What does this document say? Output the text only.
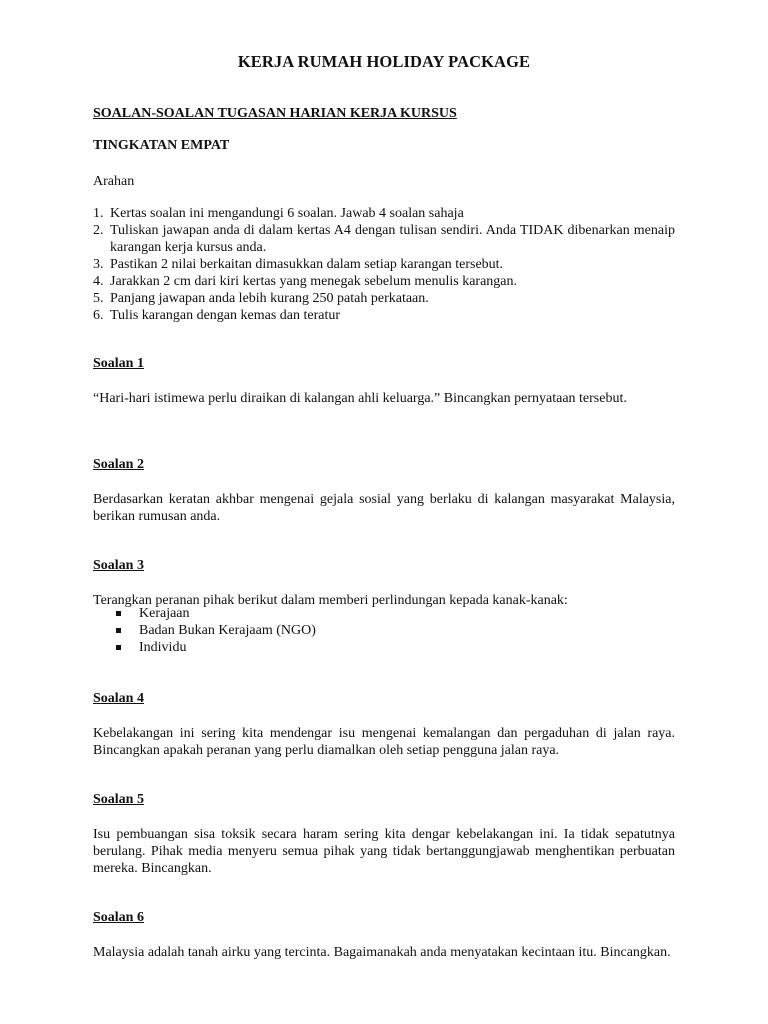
KERJA RUMAH HOLIDAY PACKAGE

SOALAN-SOALAN TUGASAN HARIAN KERJA KURSUS

TINGKATAN EMPAT

Arahan

1. Kertas soalan ini mengandungi 6 soalan. Jawab 4 soalan sahaja
2. Tuliskan jawapan anda di dalam kertas A4 dengan tulisan sendiri. Anda TIDAK dibenarkan menaip karangan kerja kursus anda.
3. Pastikan 2 nilai berkaitan dimasukkan dalam setiap karangan tersebut.
4. Jarakkan 2 cm dari kiri kertas yang menegak sebelum menulis karangan.
5. Panjang jawapan anda lebih kurang 250 patah perkataan.
6. Tulis karangan dengan kemas dan teratur

Soalan 1

“Hari-hari istimewa perlu diraikan di kalangan ahli keluarga.” Bincangkan pernyataan tersebut.

Soalan 2

Berdasarkan keratan akhbar mengenai gejala sosial yang berlaku di kalangan masyarakat Malaysia, berikan rumusan anda.

Soalan 3

Terangkan peranan pihak berikut dalam memberi perlindungan kepada kanak-kanak:

Kerajaan
Badan Bukan Kerajaam (NGO)
Individu

Soalan 4

Kebelakangan ini sering kita mendengar isu mengenai kemalangan dan pergaduhan di jalan raya. Bincangkan apakah peranan yang perlu diamalkan oleh setiap pengguna jalan raya.

Soalan 5

Isu pembuangan sisa toksik secara haram sering kita dengar kebelakangan ini. Ia tidak sepatutnya berulang. Pihak media menyeru semua pihak yang tidak bertanggungjawab menghentikan perbuatan mereka. Bincangkan.

Soalan 6

Malaysia adalah tanah airku yang tercinta. Bagaimanakah anda menyatakan kecintaan itu. Bincangkan.
